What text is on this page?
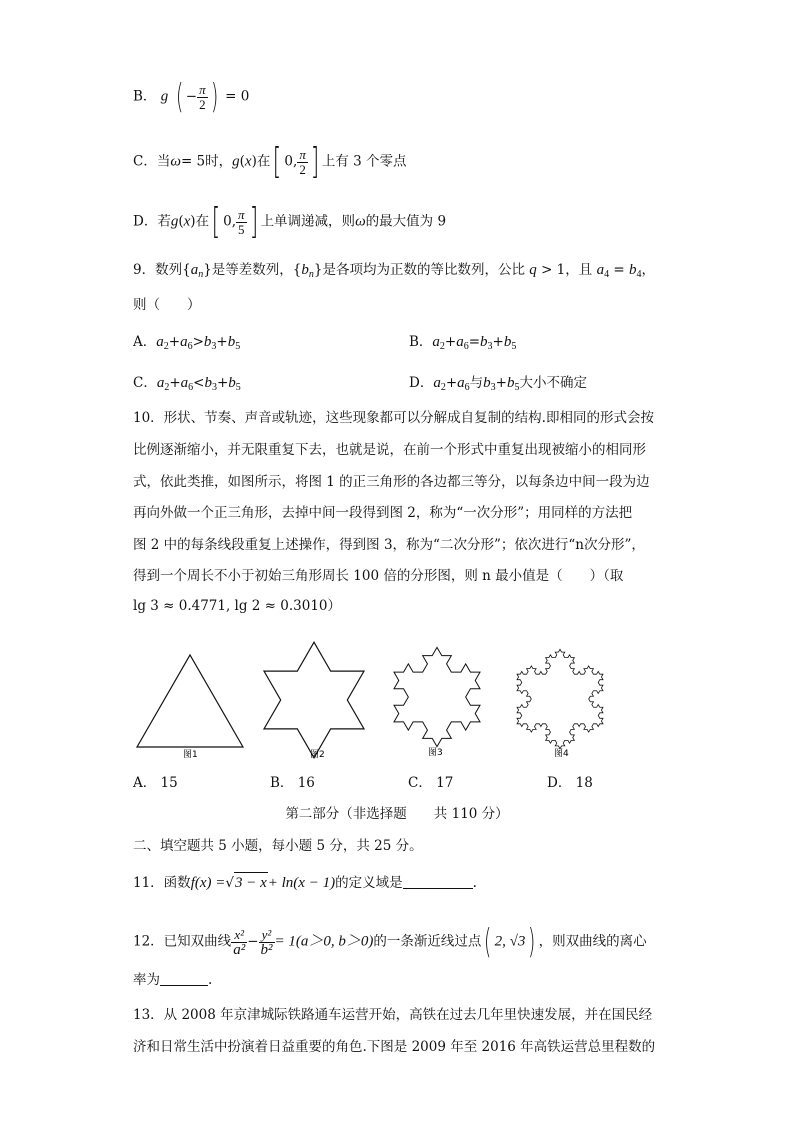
B． g ( − $\frac{\pi}{2}$ ) = 0
C．当ω= 5时，g(x)在[ 0, $\frac{\pi}{2}$ ] 上有 3 个零点
D．若g(x)在[ 0, $\frac{\pi}{5}$ ] 上单调递减，则ω的最大值为 9
9．数列$\{a_n\}$是等差数列，$\{b_n\}$是各项均为正数的等比数列，公比 q > 1，且 $a_4 = b_4$，
则（　　）
A．$a_2+a_6>b_3+b_5$	B．$a_2+a_6=b_3+b_5$
C．$a_2+a_6<b_3+b_5$	D．$a_2+a_6$与$b_3+b_5$大小不确定
10．形状、节奏、声音或轨迹，这些现象都可以分解成自复制的结构.即相同的形式会按
比例逐渐缩小，并无限重复下去，也就是说，在前一个形式中重复出现被缩小的相同形
式，依此类推，如图所示，将图 1 的正三角形的各边都三等分，以每条边中间一段为边
再向外做一个正三角形，去掉中间一段得到图 2，称为“一次分形”；用同样的方法把
图 2 中的每条线段重复上述操作，得到图 3，称为“二次分形”；依次进行“n次分形”，
得到一个周长不小于初始三角形周长 100 倍的分形图，则 n 最小值是（　　）（取
lg 3 ≈ 0.4771, lg 2 ≈ 0.3010）
图1	图2	图3	图4
A． 15	B． 16	C． 17	D． 18
第二部分（非选择题　　共 110 分）
二、填空题共 5 小题，每小题 5 分，共 25 分。
11．函数f(x) =√3 − x+ ln(x − 1)的定义域是	.
12．已知双曲线 $\frac{\text{x²}}{\text{a²}} - \frac{\text{y²}}{\text{b²}} = 1(a>0$, b＞0)的一条渐近线过点( 2, √3) ，则双曲线的离心
率为	.
13．从 2008 年京津城际铁路通车运营开始，高铁在过去几年里快速发展，并在国民经
济和日常生活中扮演着日益重要的角色.下图是 2009 年至 2016 年高铁运营总里程数的
